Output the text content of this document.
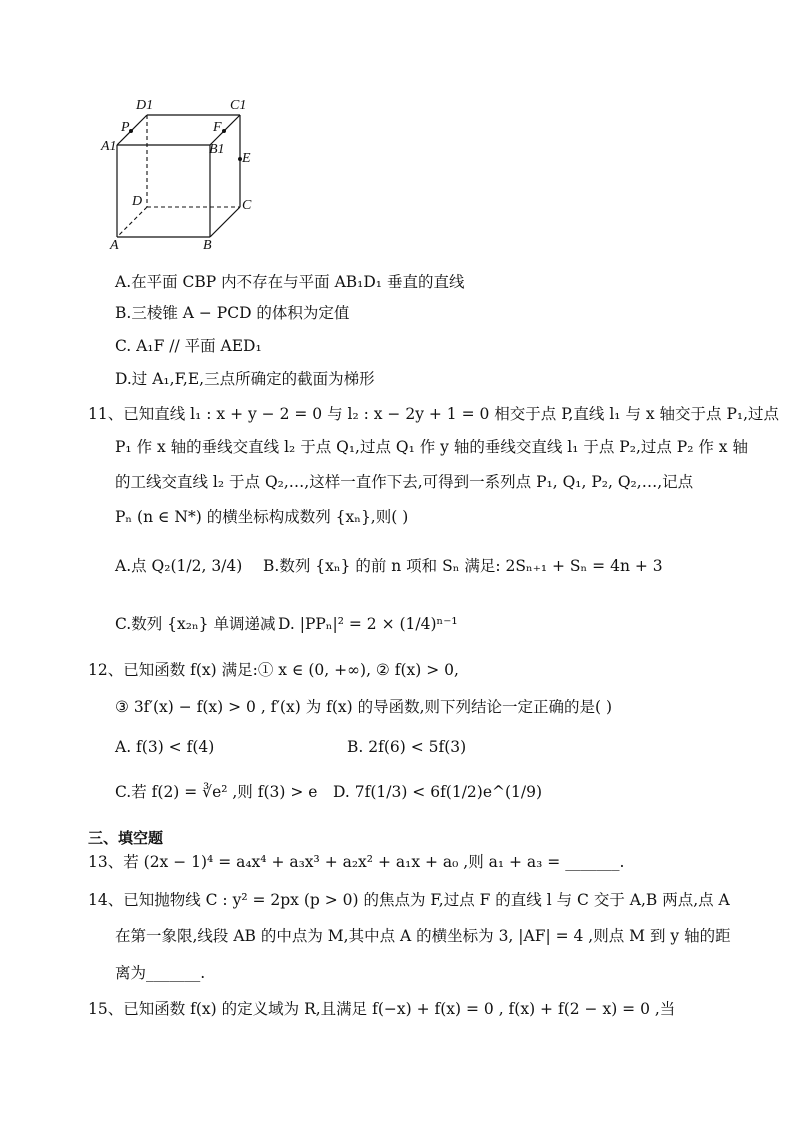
D1	C1
P	F
A1	B1
E
D	C
A	B
A.在平面 CBP 内不存在与平面 AB₁D₁ 垂直的直线
B.三棱锥 A − PCD 的体积为定值
C. A₁F // 平面 AED₁
D.过 A₁,F,E,三点所确定的截面为梯形
11、已知直线 l₁ : x + y − 2 = 0 与 l₂ : x − 2y + 1 = 0 相交于点 P,直线 l₁ 与 x 轴交于点 P₁,过点
P₁ 作 x 轴的垂线交直线 l₂ 于点 Q₁,过点 Q₁ 作 y 轴的垂线交直线 l₁ 于点 P₂,过点 P₂ 作 x 轴
的工线交直线 l₂ 于点 Q₂,…,这样一直作下去,可得到一系列点 P₁, Q₁, P₂, Q₂,…,记点
Pₙ (n ∈ N*) 的横坐标构成数列 {xₙ},则( )
A.点 Q₂(1/2, 3/4) B.数列 {xₙ} 的前 n 项和 Sₙ 满足: 2Sₙ₊₁ + Sₙ = 4n + 3
C.数列 {x₂ₙ} 单调递减 D. |PPₙ|² = 2 × (1/4)ⁿ⁻¹
12、已知函数 f(x) 满足:① x ∈ (0, +∞), ② f(x) > 0,
③ 3f′(x) − f(x) > 0 , f′(x) 为 f(x) 的导函数,则下列结论一定正确的是( )
A. f(3) < f(4)	B. 2f(6) < 5f(3)
C.若 f(2) = ∛e² ,则 f(3) > e D. 7f(1/3) < 6f(1/2)e^(1/9)
三、填空题
13、若 (2x − 1)⁴ = a₄x⁴ + a₃x³ + a₂x² + a₁x + a₀ ,则 a₁ + a₃ = _______.
14、已知抛物线 C : y² = 2px (p > 0) 的焦点为 F,过点 F 的直线 l 与 C 交于 A,B 两点,点 A
在第一象限,线段 AB 的中点为 M,其中点 A 的横坐标为 3, |AF| = 4 ,则点 M 到 y 轴的距
离为_______.
15、已知函数 f(x) 的定义域为 R,且满足 f(−x) + f(x) = 0 , f(x) + f(2 − x) = 0 ,当
